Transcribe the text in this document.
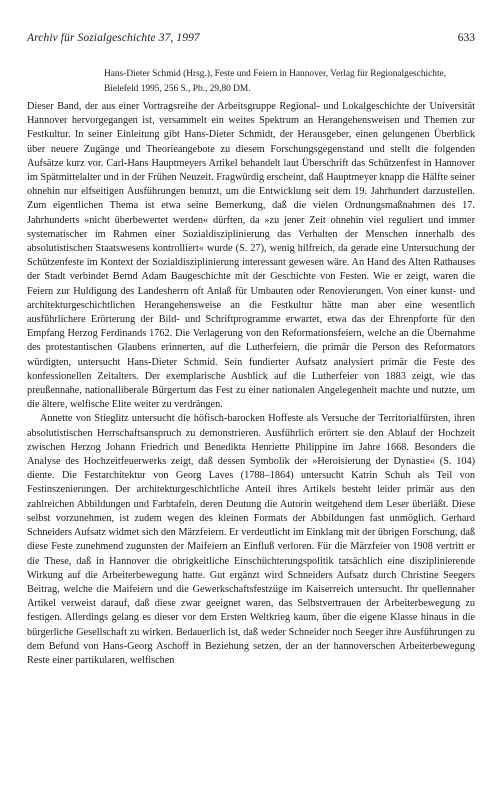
Archiv für Sozialgeschichte 37, 1997	633
Hans-Dieter Schmid (Hrsg.), Feste und Feiern in Hannover, Verlag für Regionalgeschichte, Bielefeld 1995, 256 S., Pb., 29,80 DM.

Dieser Band, der aus einer Vortragsreihe der Arbeitsgruppe Regional- und Lokalgeschichte der Universität Hannover hervorgegangen ist, versammelt ein weites Spektrum an Herangehensweisen und Themen zur Festkultur. In seiner Einleitung gibt Hans-Dieter Schmidt, der Herausgeber, einen gelungenen Überblick über neuere Zugänge und Theorieangebote zu diesem Forschungsgegenstand und stellt die folgenden Aufsätze kurz vor. Carl-Hans Hauptmeyers Artikel behandelt laut Überschrift das Schützenfest in Hannover im Spätmittelalter und in der Frühen Neuzeit. Fragwürdig erscheint, daß Hauptmeyer knapp die Hälfte seiner ohnehin nur elfseitigen Ausführungen benutzt, um die Entwicklung seit dem 19. Jahrhundert darzustellen. Zum eigentlichen Thema ist etwa seine Bemerkung, daß die vielen Ordnungsmaßnahmen des 17. Jahrhunderts »nicht überbewertet werden« dürften, da »zu jener Zeit ohnehin viel reguliert und immer systematischer im Rahmen einer Sozialdisziplinierung das Verhalten der Menschen innerhalb des absolutistischen Staatswesens kontrolliert« wurde (S. 27), wenig hilfreich, da gerade eine Untersuchung der Schützenfeste im Kontext der Sozialdisziplinierung interessant gewesen wäre. An Hand des Alten Rathauses der Stadt verbindet Bernd Adam Baugeschichte mit der Geschichte von Festen. Wie er zeigt, waren die Feiern zur Huldigung des Landesherrn oft Anlaß für Umbauten oder Renovierungen. Von einer kunst- und architekturgeschichtlichen Herangehensweise an die Festkultur hätte man aber eine wesentlich ausführlichere Erörterung der Bild- und Schriftprogramme erwartet, etwa das der Ehrenpforte für den Empfang Herzog Ferdinands 1762. Die Verlagerung von den Reformationsfeiern, welche an die Übernahme des protestantischen Glaubens erinnerten, auf die Lutherfeiern, die primär die Person des Reformators würdigten, untersucht Hans-Dieter Schmid. Sein fundierter Aufsatz analysiert primär die Feste des konfessionellen Zeitalters. Der exemplarische Ausblick auf die Lutherfeier von 1883 zeigt, wie das preußennahe, nationalliberale Bürgertum das Fest zu einer nationalen Angelegenheit machte und nutzte, um die ältere, welfische Elite weiter zu verdrängen.

Annette von Stieglitz untersucht die höfisch-barocken Hoffeste als Versuche der Territorialfürsten, ihren absolutistischen Herrschaftsanspruch zu demonstrieren. Ausführlich erörtert sie den Ablauf der Hochzeit zwischen Herzog Johann Friedrich und Benedikta Henriette Philippine im Jahre 1668. Besonders die Analyse des Hochzeitfeuerwerks zeigt, daß dessen Symbolik der »Heroisierung der Dynastie« (S. 104) diente. Die Festarchitektur von Georg Laves (1788–1864) untersucht Katrin Schuh als Teil von Festinszenierungen. Der architekturgeschichtliche Anteil ihres Artikels besteht leider primär aus den zahlreichen Abbildungen und Farbtafeln, deren Deutung die Autorin weitgehend dem Leser überläßt. Diese selbst vorzunehmen, ist zudem wegen des kleinen Formats der Abbildungen fast unmöglich. Gerhard Schneiders Aufsatz widmet sich den Märzfeiern. Er verdeutlicht im Einklang mit der übrigen Forschung, daß diese Feste zunehmend zugunsten der Maifeiern an Einfluß verloren. Für die Märzfeier von 1908 vertritt er die These, daß in Hannover die obrigkeitliche Einschüchterungspolitik tatsächlich eine disziplinierende Wirkung auf die Arbeiterbewegung hatte. Gut ergänzt wird Schneiders Aufsatz durch Christine Seegers Beitrag, welche die Maifeiern und die Gewerkschaftsfestzüge im Kaiserreich untersucht. Ihr quellennaher Artikel verweist darauf, daß diese zwar geeignet waren, das Selbstvertrauen der Arbeiterbewegung zu festigen. Allerdings gelang es dieser vor dem Ersten Weltkrieg kaum, über die eigene Klasse hinaus in die bürgerliche Gesellschaft zu wirken. Bedauerlich ist, daß weder Schneider noch Seeger ihre Ausführungen zu dem Befund von Hans-Georg Aschoff in Beziehung setzen, der an der hannoverschen Arbeiterbewegung Reste einer partikularen, welfischen
